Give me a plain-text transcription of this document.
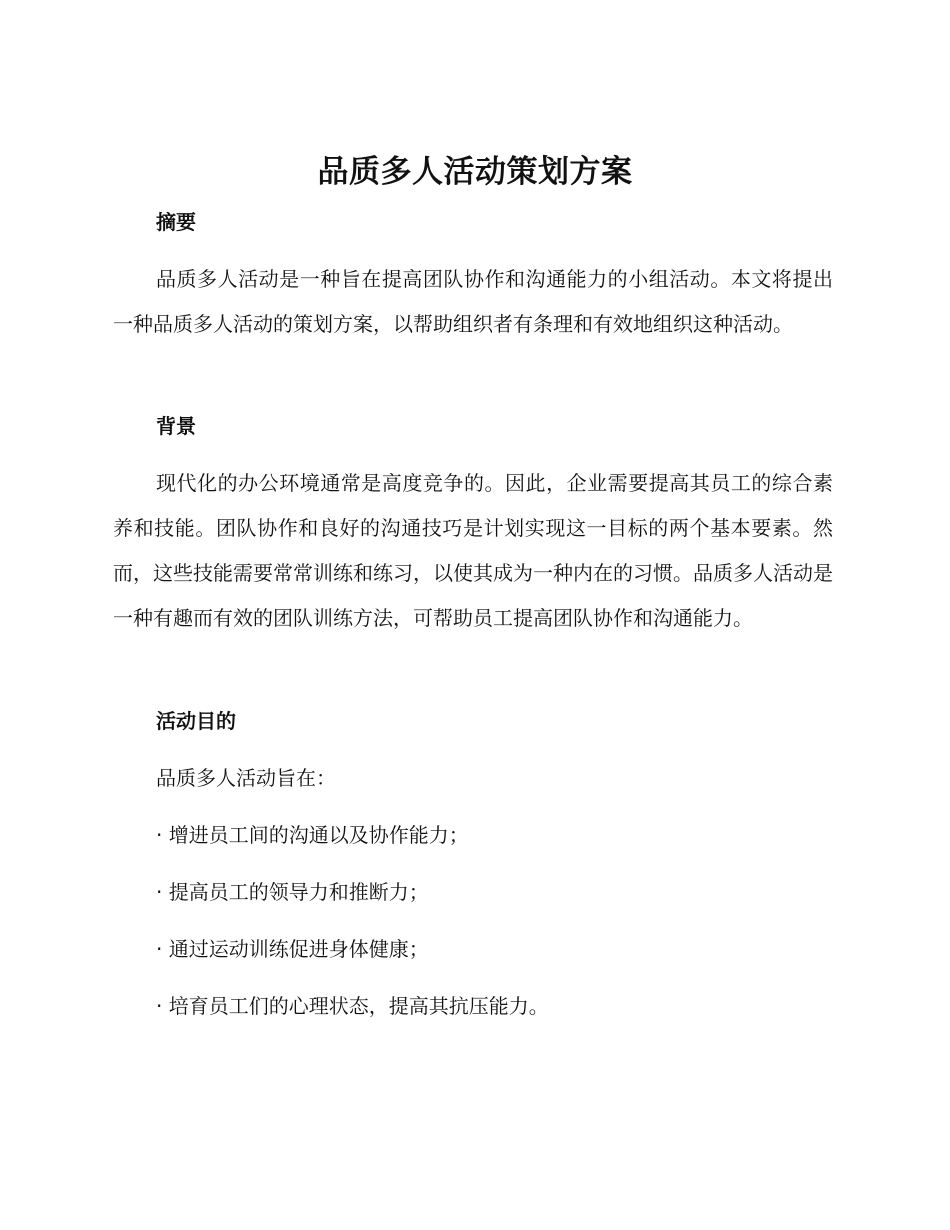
品质多人活动策划方案
摘要

品质多人活动是一种旨在提高团队协作和沟通能力的小组活动。本文将提出一种品质多人活动的策划方案，以帮助组织者有条理和有效地组织这种活动。

背景

现代化的办公环境通常是高度竞争的。因此，企业需要提高其员工的综合素养和技能。团队协作和良好的沟通技巧是计划实现这一目标的两个基本要素。然而，这些技能需要常常训练和练习，以使其成为一种内在的习惯。品质多人活动是一种有趣而有效的团队训练方法，可帮助员工提高团队协作和沟通能力。

活动目的
品质多人活动旨在：
· 增进员工间的沟通以及协作能力；
· 提高员工的领导力和推断力；
· 通过运动训练促进身体健康；
· 培育员工们的心理状态，提高其抗压能力。
